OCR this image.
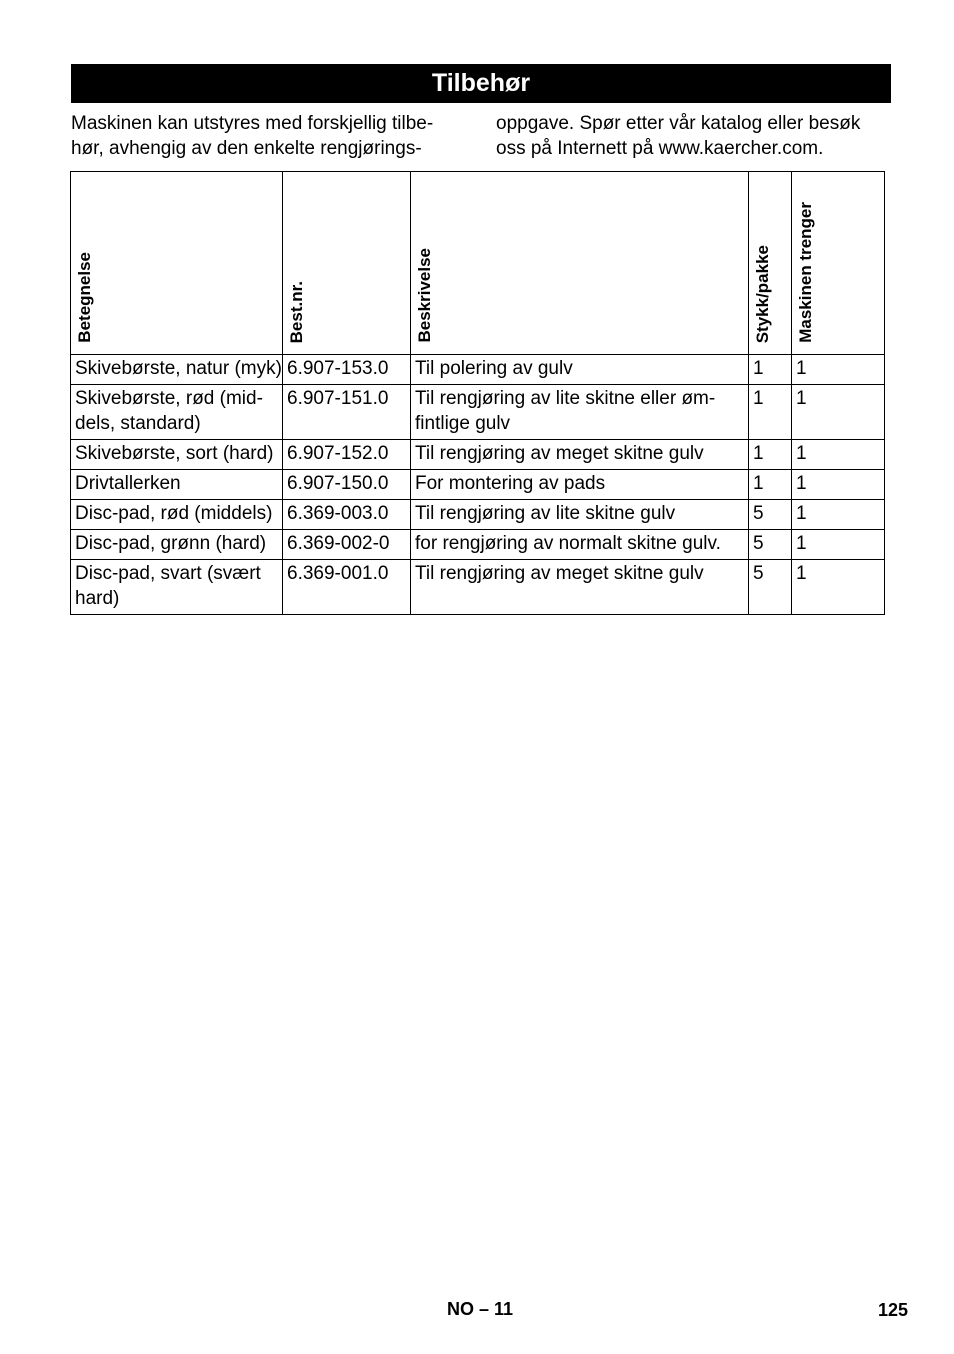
Tilbehør
Maskinen kan utstyres med forskjellig tilbe-
hør, avhengig av den enkelte rengjørings-
oppgave. Spør etter vår katalog eller besøk
oss på Internett på www.kaercher.com.
Betegnelse	Best.nr.	Beskrivelse	Stykk/pakke	Maskinen trenger

Skivebørste, natur (myk)	6.907-153.0	Til polering av gulv	1	1

Skivebørste, rød (mid-
dels, standard)	6.907-151.0	Til rengjøring av lite skitne eller øm-
fintlige gulv	1	1

Skivebørste, sort (hard)	6.907-152.0	Til rengjøring av meget skitne gulv	1	1

Drivtallerken	6.907-150.0	For montering av pads	1	1

Disc-pad, rød (middels)	6.369-003.0	Til rengjøring av lite skitne gulv	5	1

Disc-pad, grønn (hard)	6.369-002-0	for rengjøring av normalt skitne gulv.	5	1

Disc-pad, svart (svært
hard)	6.369-001.0	Til rengjøring av meget skitne gulv	5	1
NO – 11	125
